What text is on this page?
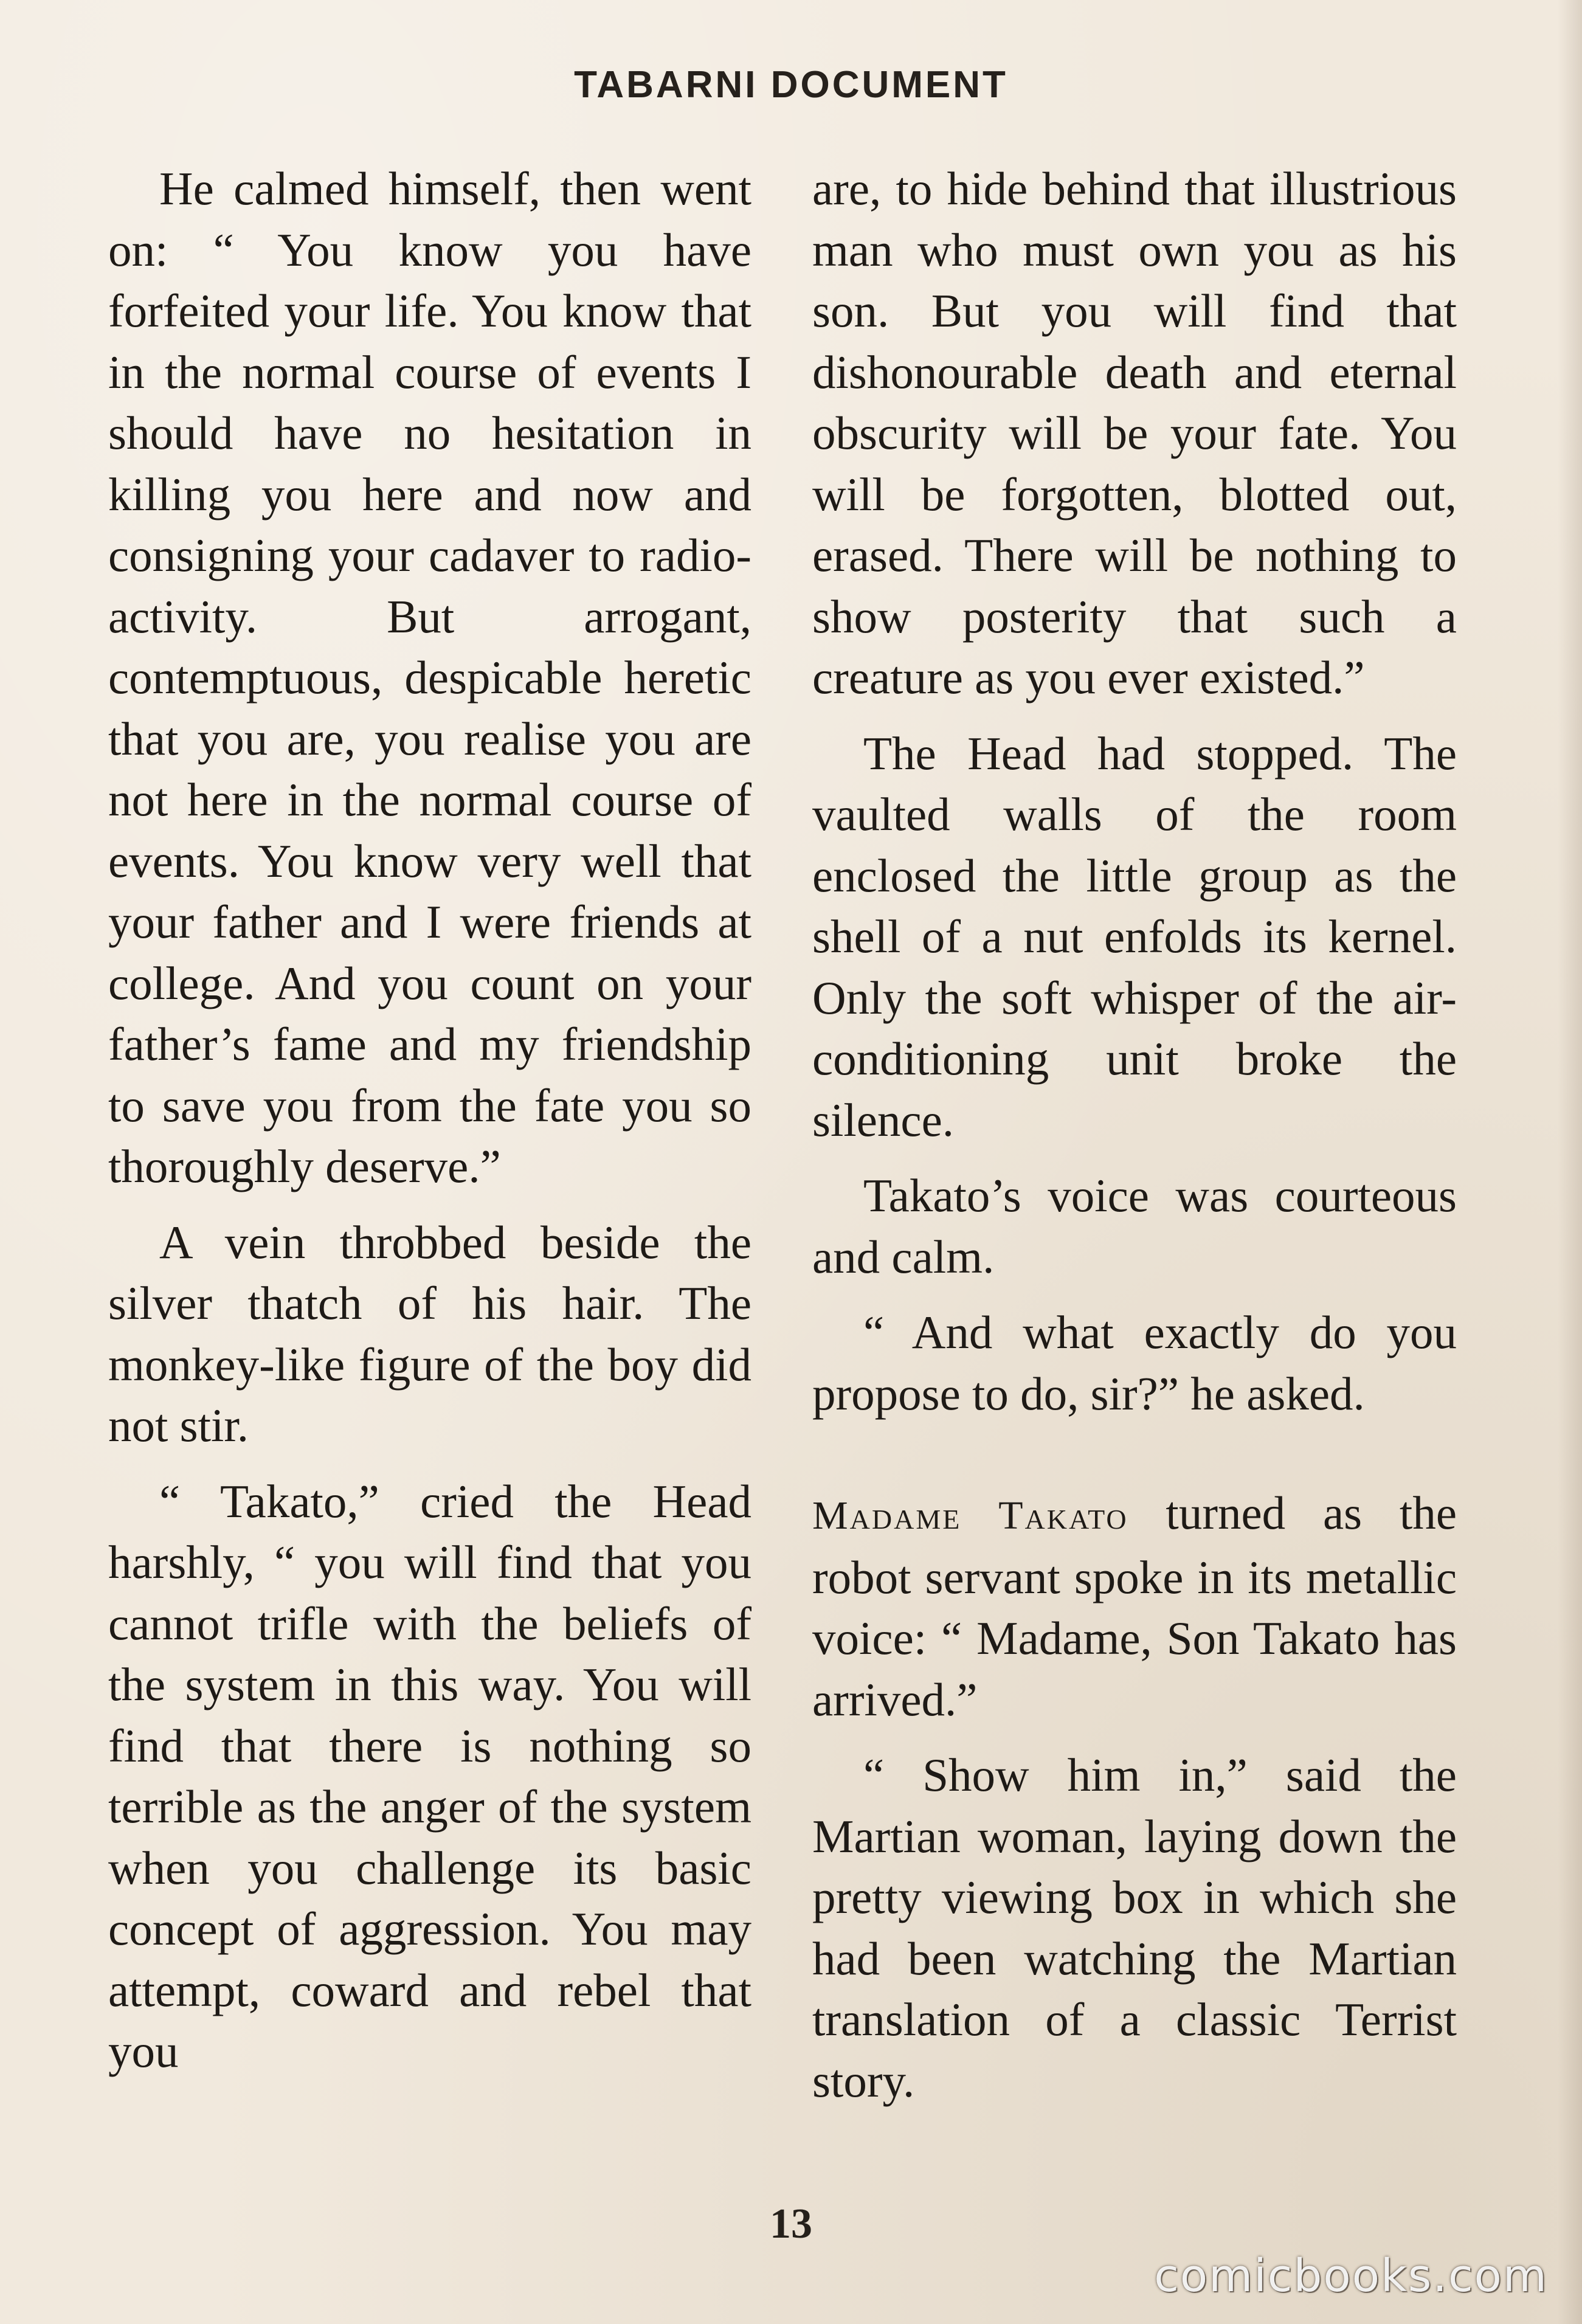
TABARNI DOCUMENT

He calmed himself, then went on: “ You know you have forfeited your life. You know that in the normal course of events I should have no hesitation in killing you here and now and consigning your cadaver to radio-activity. But arrogant, contemptuous, despicable heretic that you are, you realise you are not here in the normal course of events. You know very well that your father and I were friends at college. And you count on your father’s fame and my friendship to save you from the fate you so thoroughly deserve.”

A vein throbbed beside the silver thatch of his hair. The monkey-like figure of the boy did not stir.

“ Takato,” cried the Head harshly, “ you will find that you cannot trifle with the beliefs of the system in this way. You will find that there is nothing so terrible as the anger of the system when you challenge its basic concept of aggression. You may attempt, coward and rebel that you

are, to hide behind that illustrious man who must own you as his son. But you will find that dishonourable death and eternal obscurity will be your fate. You will be forgotten, blotted out, erased. There will be nothing to show posterity that such a creature as you ever existed.”

The Head had stopped. The vaulted walls of the room enclosed the little group as the shell of a nut enfolds its kernel. Only the soft whisper of the air-conditioning unit broke the silence.

Takato’s voice was courteous and calm.

“ And what exactly do you propose to do, sir?” he asked.

Madame Takato turned as the robot servant spoke in its metallic voice: “ Madame, Son Takato has arrived.”

“ Show him in,” said the Martian woman, laying down the pretty viewing box in which she had been watching the Martian translation of a classic Terrist story.

13
comicbooks.com
